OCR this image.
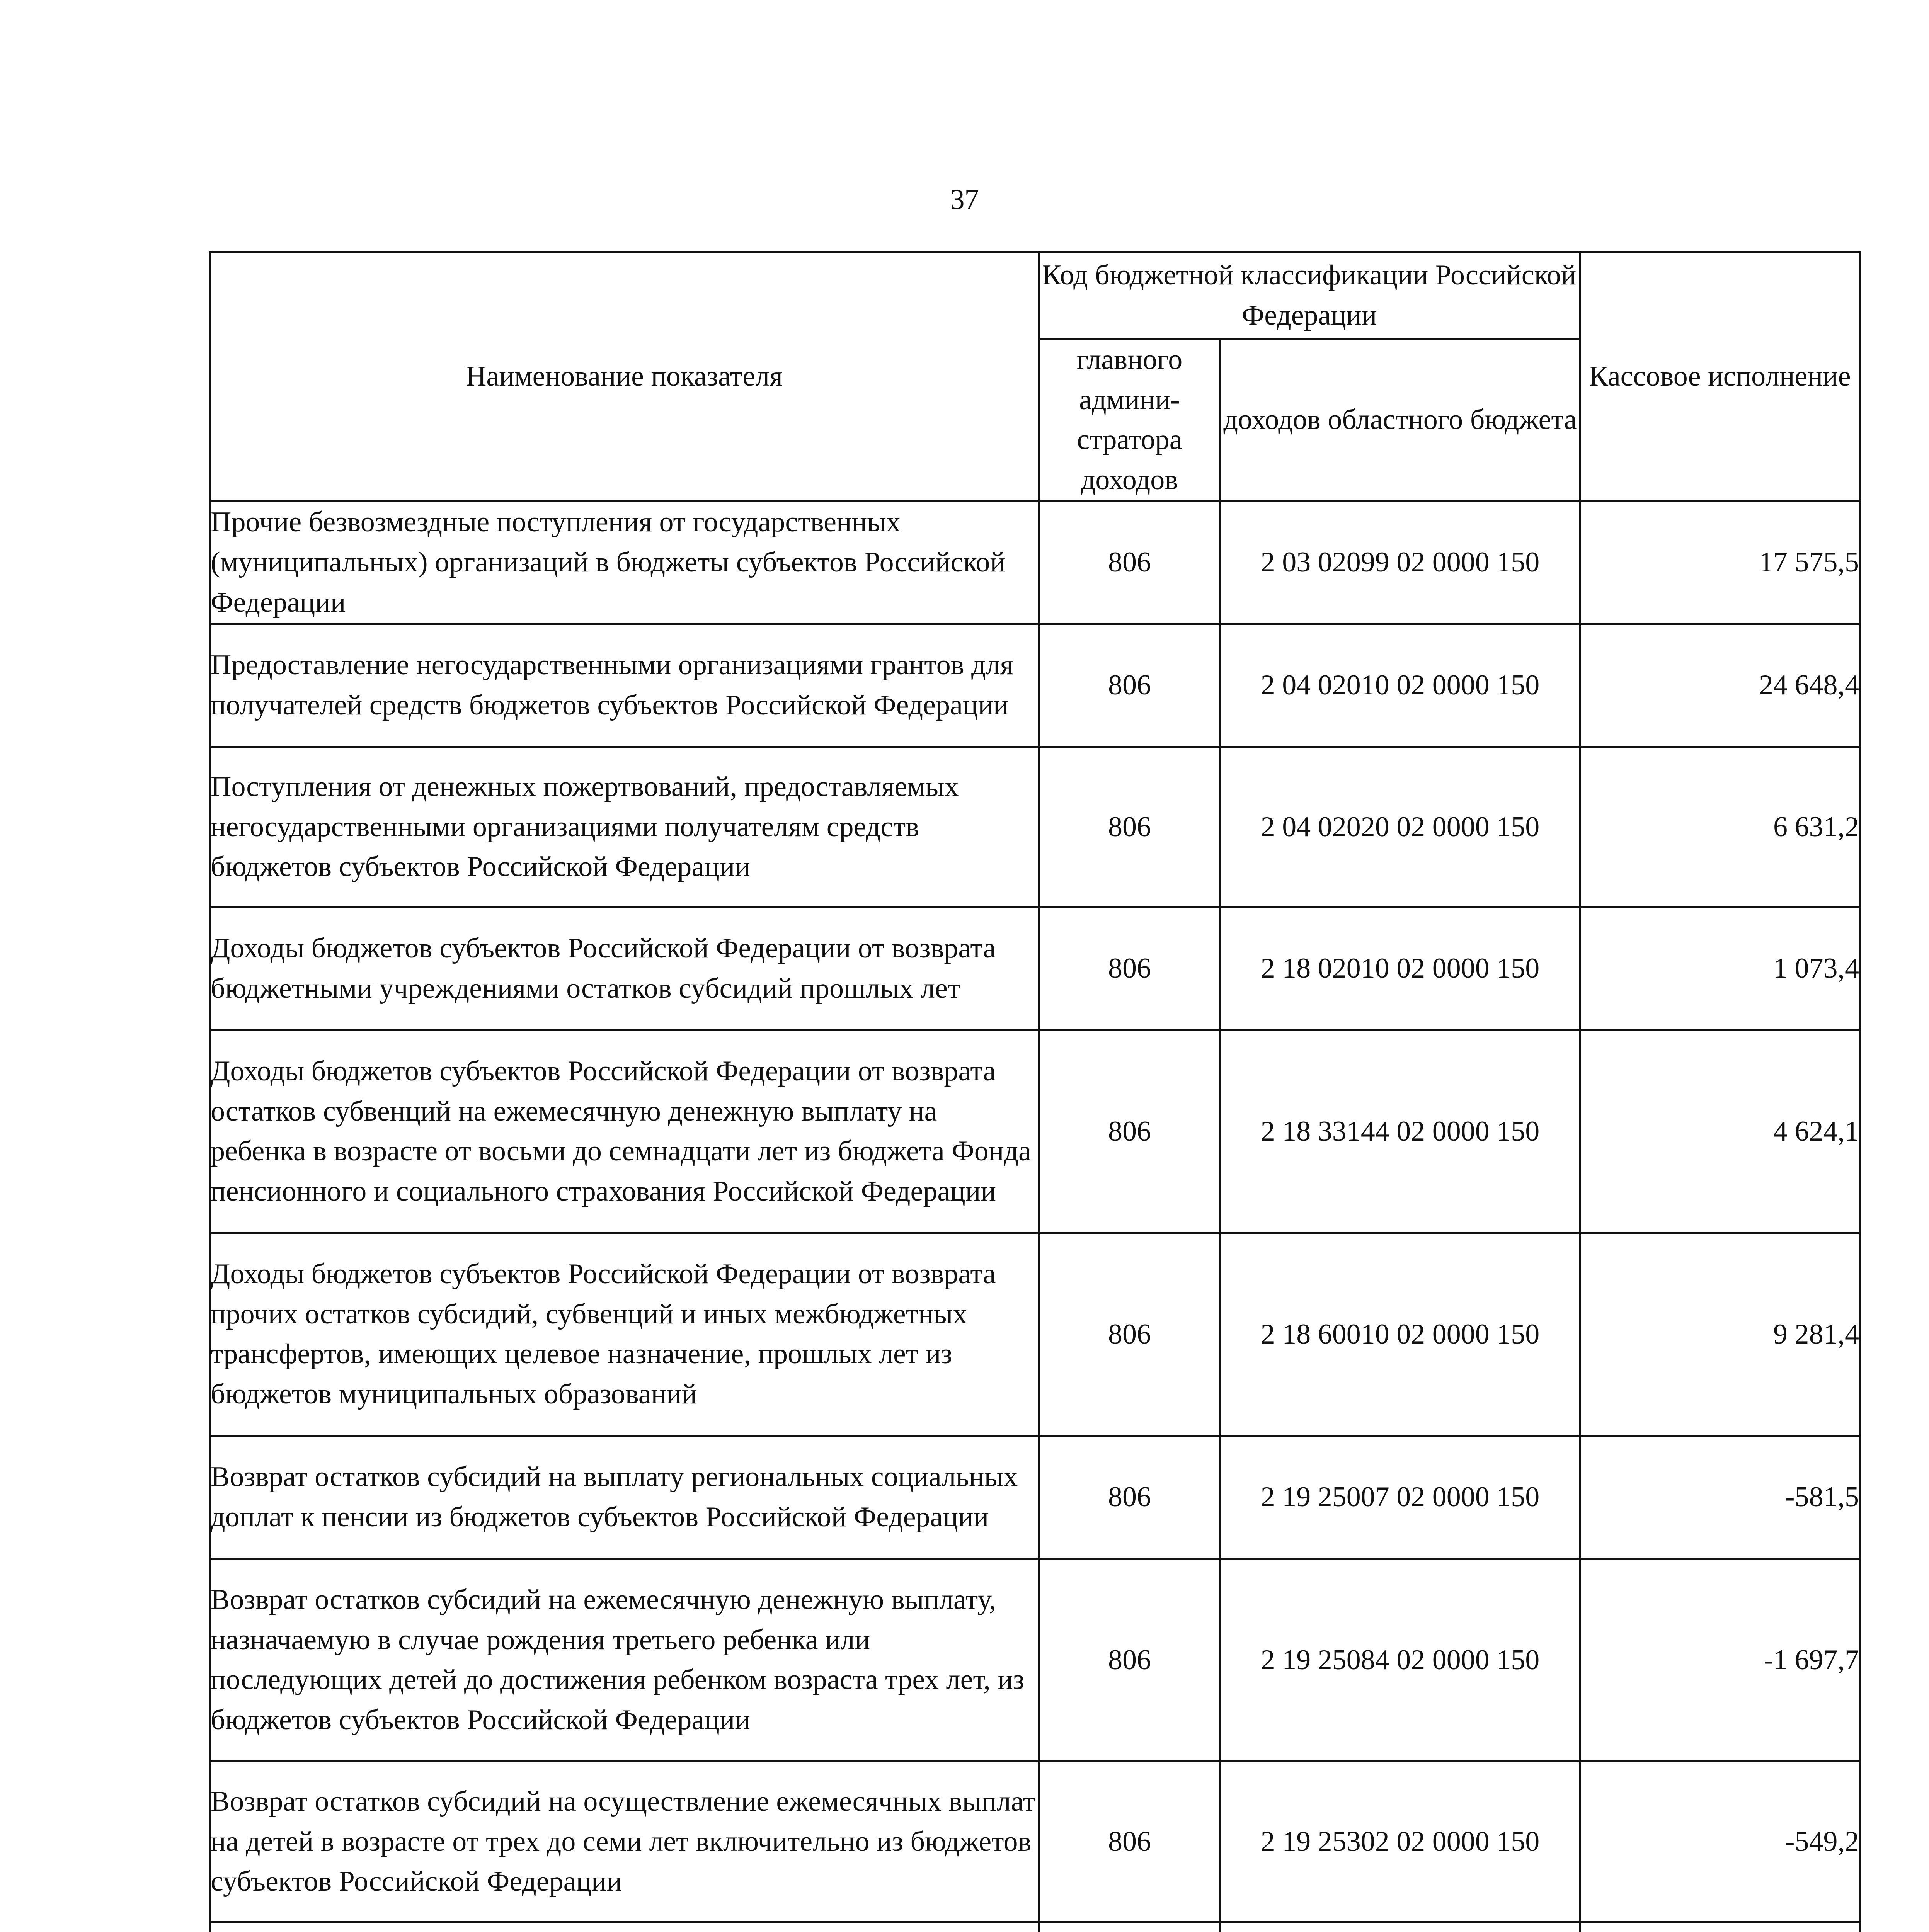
37
Наименование показателя	Код бюджетной классификации Российской Федерации		Кассовое исполнение
	главного админи- стратора доходов	доходов областного бюджета	
Прочие безвозмездные поступления от государственных (муниципальных) организаций в бюджеты субъектов Российской Федерации	806	2 03 02099 02 0000 150	17 575,5
Предоставление негосударственными организациями грантов для получателей средств бюджетов субъектов Российской Федерации	806	2 04 02010 02 0000 150	24 648,4
Поступления от денежных пожертвований, предоставляемых негосударственными организациями получателям средств бюджетов субъектов Российской Федерации	806	2 04 02020 02 0000 150	6 631,2
Доходы бюджетов субъектов Российской Федерации от возврата бюджетными учреждениями остатков субсидий прошлых лет	806	2 18 02010 02 0000 150	1 073,4
Доходы бюджетов субъектов Российской Федерации от возврата остатков субвенций на ежемесячную денежную выплату на ребенка в возрасте от восьми до семнадцати лет из бюджета Фонда пенсионного и социального страхования Российской Федерации	806	2 18 33144 02 0000 150	4 624,1
Доходы бюджетов субъектов Российской Федерации от возврата прочих остатков субсидий, субвенций и иных межбюджетных трансфертов, имеющих целевое назначение, прошлых лет из бюджетов муниципальных образований	806	2 18 60010 02 0000 150	9 281,4
Возврат остатков субсидий на выплату региональных социальных доплат к пенсии из бюджетов субъектов Российской Федерации	806	2 19 25007 02 0000 150	-581,5
Возврат остатков субсидий на ежемесячную денежную выплату, назначаемую в случае рождения третьего ребенка или последующих детей до достижения ребенком возраста трех лет, из бюджетов субъектов Российской Федерации	806	2 19 25084 02 0000 150	-1 697,7
Возврат остатков субсидий на осуществление ежемесячных выплат на детей в возрасте от трех до семи лет включительно из бюджетов субъектов Российской Федерации	806	2 19 25302 02 0000 150	-549,2
